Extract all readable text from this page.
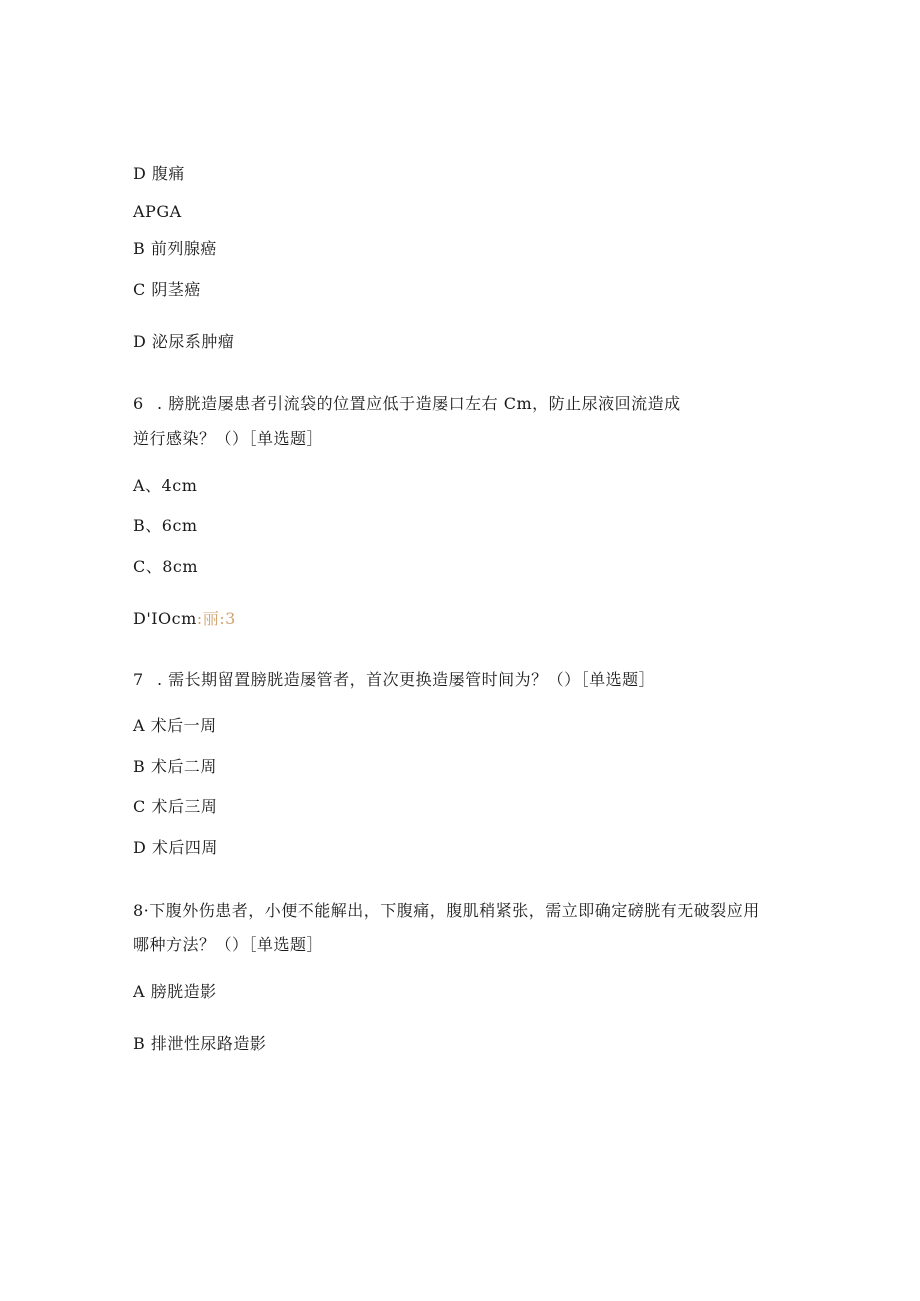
D 腹痛
APGA
B 前列腺癌
C 阴茎癌
D 泌尿系肿瘤
6 . 膀胱造屡患者引流袋的位置应低于造屡口左右 Cm，防止尿液回流造成
逆行感染？（）［单选题］
A、4cm
B、6cm
C、8cm
D'IOcm:丽:3
7 . 需长期留置膀胱造屡管者，首次更换造屡管时间为？（）［单选题］
A 术后一周
B 术后二周
C 术后三周
D 术后四周
8·下腹外伤患者，小便不能解出，下腹痛，腹肌稍紧张，需立即确定磅胱有无破裂应用
哪种方法？（）［单选题］
A 膀胱造影
B 排泄性尿路造影
